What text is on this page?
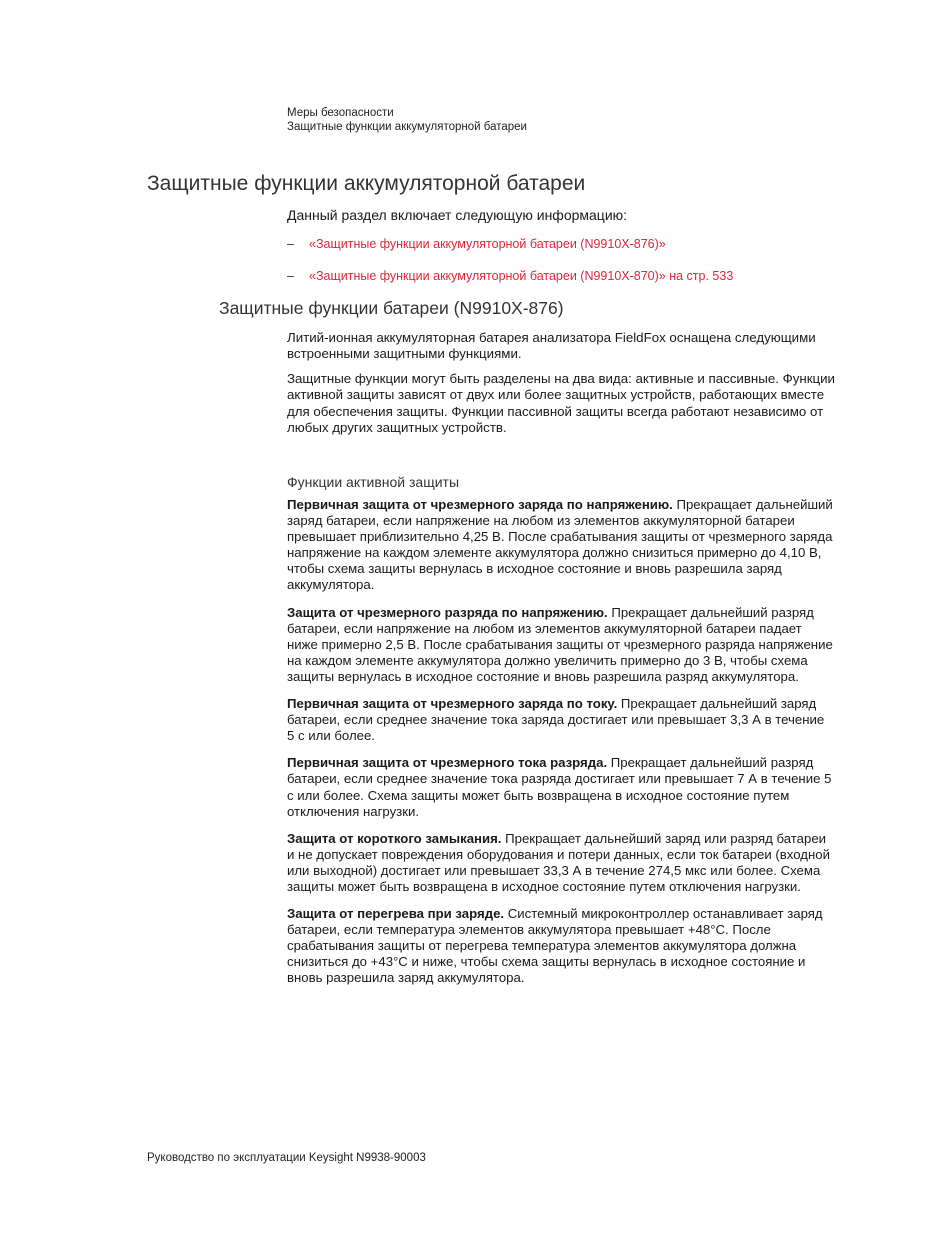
Меры безопасности
Защитные функции аккумуляторной батареи
Защитные функции аккумуляторной батареи
Данный раздел включает следующую информацию:
– «Защитные функции аккумуляторной батареи (N9910X-876)»
– «Защитные функции аккумуляторной батареи (N9910X-870)» на стр. 533
Защитные функции батареи (N9910X-876)

Литий-ионная аккумуляторная батарея анализатора FieldFox оснащена следующими встроенными защитными функциями.

Защитные функции могут быть разделены на два вида: активные и пассивные. Функции активной защиты зависят от двух или более защитных устройств, работающих вместе для обеспечения защиты. Функции пассивной защиты всегда работают независимо от любых других защитных устройств.

Функции активной защиты

Первичная защита от чрезмерного заряда по напряжению. Прекращает дальнейший заряд батареи, если напряжение на любом из элементов аккумуляторной батареи превышает приблизительно 4,25 В. После срабатывания защиты от чрезмерного заряда напряжение на каждом элементе аккумулятора должно снизиться примерно до 4,10 В, чтобы схема защиты вернулась в исходное состояние и вновь разрешила заряд аккумулятора.

Защита от чрезмерного разряда по напряжению. Прекращает дальнейший разряд батареи, если напряжение на любом из элементов аккумуляторной батареи падает ниже примерно 2,5 В. После срабатывания защиты от чрезмерного разряда напряжение на каждом элементе аккумулятора должно увеличить примерно до 3 В, чтобы схема защиты вернулась в исходное состояние и вновь разрешила разряд аккумулятора.

Первичная защита от чрезмерного заряда по току. Прекращает дальнейший заряд батареи, если среднее значение тока заряда достигает или превышает 3,3 А в течение 5 с или более.

Первичная защита от чрезмерного тока разряда. Прекращает дальнейший разряд батареи, если среднее значение тока разряда достигает или превышает 7 А в течение 5 с или более. Схема защиты может быть возвращена в исходное состояние путем отключения нагрузки.

Защита от короткого замыкания. Прекращает дальнейший заряд или разряд батареи и не допускает повреждения оборудования и потери данных, если ток батареи (входной или выходной) достигает или превышает 33,3 А в течение 274,5 мкс или более. Схема защиты может быть возвращена в исходное состояние путем отключения нагрузки.

Защита от перегрева при заряде. Системный микроконтроллер останавливает заряд батареи, если температура элементов аккумулятора превышает +48°С. После срабатывания защиты от перегрева температура элементов аккумулятора должна снизиться до +43°С и ниже, чтобы схема защиты вернулась в исходное состояние и вновь разрешила заряд аккумулятора.

Руководство по эксплуатации Keysight N9938-90003
